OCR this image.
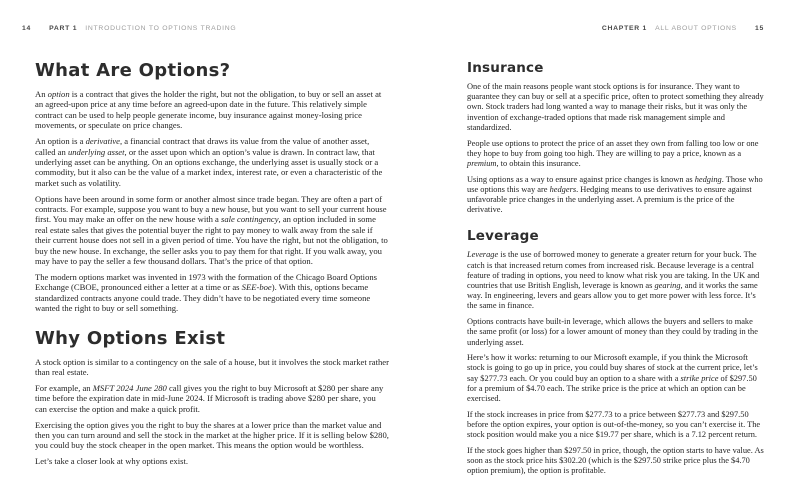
14	PART 1 INTRODUCTION TO OPTIONS TRADING
What Are Options?

An option is a contract that gives the holder the right, but not the obligation, to buy or sell an asset at an agreed-upon price at any time before an agreed-upon date in the future. This relatively simple contract can be used to help people generate income, buy insurance against money-losing price movements, or speculate on price changes.

An option is a derivative, a financial contract that draws its value from the value of another asset, called an underlying asset, or the asset upon which an option’s value is drawn. In contract law, that underlying asset can be anything. On an options exchange, the underlying asset is usually stock or a commodity, but it also can be the value of a market index, interest rate, or even a characteristic of the market such as volatility.

Options have been around in some form or another almost since trade began. They are often a part of contracts. For example, suppose you want to buy a new house, but you want to sell your current house first. You may make an offer on the new house with a sale contingency, an option included in some real estate sales that gives the potential buyer the right to pay money to walk away from the sale if their current house does not sell in a given period of time. You have the right, but not the obligation, to buy the new house. In exchange, the seller asks you to pay them for that right. If you walk away, you may have to pay the seller a few thousand dollars. That’s the price of that option.

The modern options market was invented in 1973 with the formation of the Chicago Board Options Exchange (CBOE, pronounced either a letter at a time or as SEE-boe). With this, options became standardized contracts anyone could trade. They didn’t have to be negotiated every time someone wanted the right to buy or sell something.

Why Options Exist

A stock option is similar to a contingency on the sale of a house, but it involves the stock market rather than real estate.

For example, an MSFT 2024 June 280 call gives you the right to buy Microsoft at $280 per share any time before the expiration date in mid-June 2024. If Microsoft is trading above $280 per share, you can exercise the option and make a quick profit.

Exercising the option gives you the right to buy the shares at a lower price than the market value and then you can turn around and sell the stock in the market at the higher price. If it is selling below $280, you could buy the stock cheaper in the open market. This means the option would be worthless.

Let’s take a closer look at why options exist.

CHAPTER 1 ALL ABOUT OPTIONS	15
Insurance

One of the main reasons people want stock options is for insurance. They want to guarantee they can buy or sell at a specific price, often to protect something they already own. Stock traders had long wanted a way to manage their risks, but it was only the invention of exchange-traded options that made risk management simple and standardized.

People use options to protect the price of an asset they own from falling too low or one they hope to buy from going too high. They are willing to pay a price, known as a premium, to obtain this insurance.

Using options as a way to ensure against price changes is known as hedging. Those who use options this way are hedgers. Hedging means to use derivatives to ensure against unfavorable price changes in the underlying asset. A premium is the price of the derivative.

Leverage

Leverage is the use of borrowed money to generate a greater return for your buck. The catch is that increased return comes from increased risk. Because leverage is a central feature of trading in options, you need to know what risk you are taking. In the UK and countries that use British English, leverage is known as gearing, and it works the same way. In engineering, levers and gears allow you to get more power with less force. It’s the same in finance.

Options contracts have built-in leverage, which allows the buyers and sellers to make the same profit (or loss) for a lower amount of money than they could by trading in the underlying asset.

Here’s how it works: returning to our Microsoft example, if you think the Microsoft stock is going to go up in price, you could buy shares of stock at the current price, let’s say $277.73 each. Or you could buy an option to a share with a strike price of $297.50 for a premium of $4.70 each. The strike price is the price at which an option can be exercised.

If the stock increases in price from $277.73 to a price between $277.73 and $297.50 before the option expires, your option is out-of-the-money, so you can’t exercise it. The stock position would make you a nice $19.77 per share, which is a 7.12 percent return.

If the stock goes higher than $297.50 in price, though, the option starts to have value. As soon as the stock price hits $302.20 (which is the $297.50 strike price plus the $4.70 option premium), the option is profitable.
